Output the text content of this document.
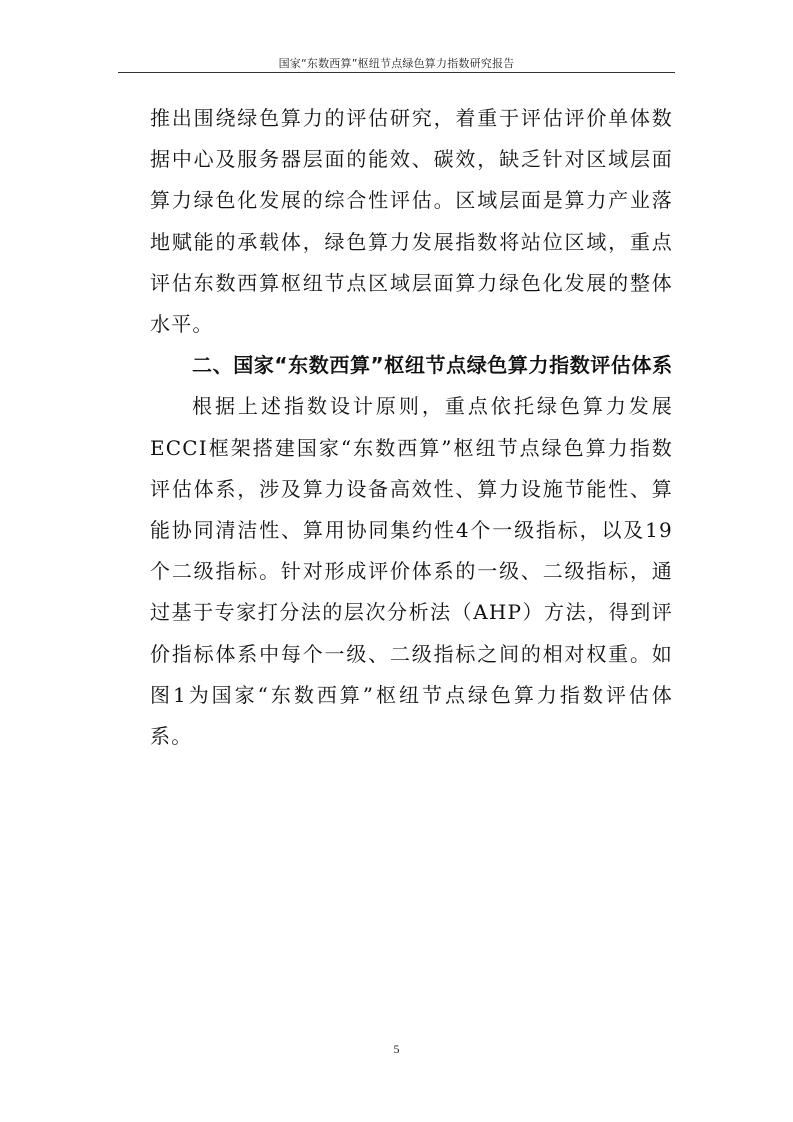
国家“东数西算”枢纽节点绿色算力指数研究报告

推出围绕绿色算力的评估研究，着重于评估评价单体数据中心及服务器层面的能效、碳效，缺乏针对区域层面算力绿色化发展的综合性评估。区域层面是算力产业落地赋能的承载体，绿色算力发展指数将站位区域，重点评估东数西算枢纽节点区域层面算力绿色化发展的整体水平。

二、国家“东数西算”枢纽节点绿色算力指数评估体系

根据上述指数设计原则，重点依托绿色算力发展ECCI框架搭建国家“东数西算”枢纽节点绿色算力指数评估体系，涉及算力设备高效性、算力设施节能性、算能协同清洁性、算用协同集约性4个一级指标，以及19个二级指标。针对形成评价体系的一级、二级指标，通过基于专家打分法的层次分析法（AHP）方法，得到评价指标体系中每个一级、二级指标之间的相对权重。如图1为国家“东数西算”枢纽节点绿色算力指数评估体系。

5
